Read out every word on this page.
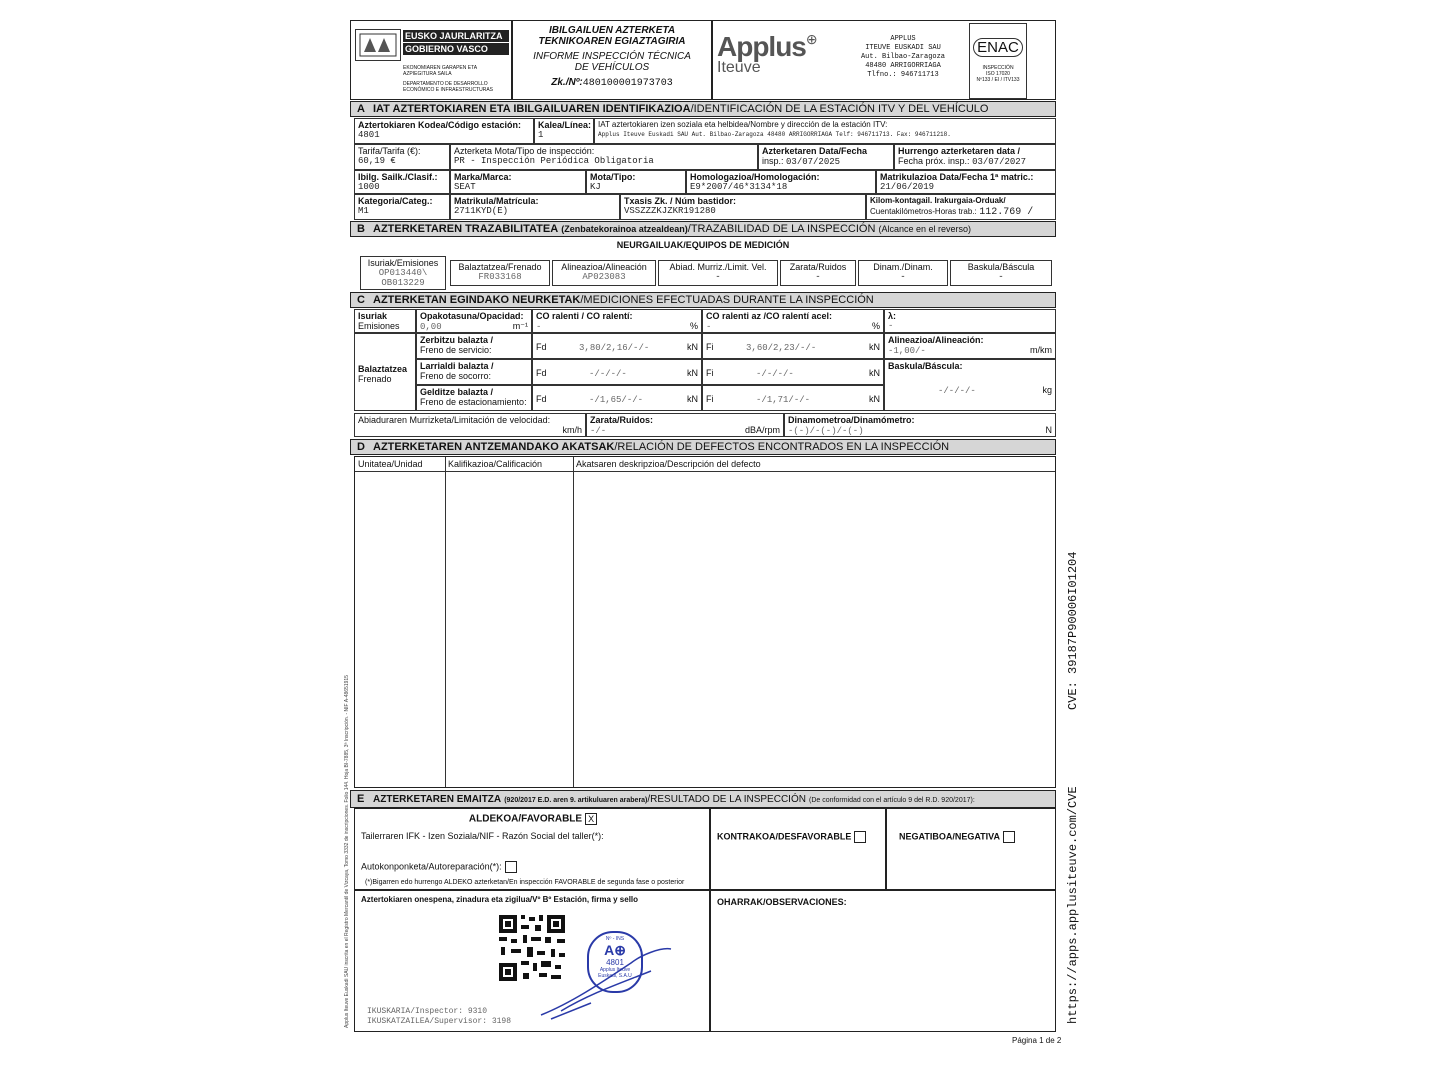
EUSKO JAURLARITZA
GOBIERNO VASCO
EKONOMIAREN GARAPEN ETA AZPIEGITURA SAILA
DEPARTAMENTO DE DESARROLLO ECONÓMICO E INFRAESTRUCTURAS
IBILGAILUEN AZTERKETA
TEKNIKOAREN EGIAZTAGIRIA
INFORME INSPECCIÓN TÉCNICA
DE VEHÍCULOS
Zk./Nº:480100001973703
Applus⊕
Iteuve
APPLUS
ITEUVE EUSKADI SAU
Aut. Bilbao-Zaragoza
48480 ARRIGORRIAGA
Tlfno.: 946711713
ENAC
INSPECCIÓN
ISO 17020
Nº133 / EI / ITV133
A IAT AZTERTOKIAREN ETA IBILGAILUAREN IDENTIFIKAZIOA/IDENTIFICACIÓN DE LA ESTACIÓN ITV Y DEL VEHÍCULO
Aztertokiaren Kodea/Código estación:
4801
Kalea/Línea:
1
IAT aztertokiaren izen soziala eta helbidea/Nombre y dirección de la estación ITV:
Applus Iteuve Euskadi SAU Aut. Bilbao-Zaragoza 48480 ARRIGORRIAGA Telf: 946711713. Fax: 946711218.
Tarifa/Tarifa (€):
60,19 €
Azterketa Mota/Tipo de inspección:
PR - Inspección Periódica Obligatoria
Azterketaren Data/Fecha
insp.: 03/07/2025
Hurrengo azterketaren data /
Fecha próx. insp.: 03/07/2027
Ibilg. Sailk./Clasif.:
1000
Marka/Marca:
SEAT
Mota/Tipo:
KJ
Homologazioa/Homologación:
E9*2007/46*3134*18
Matrikulazioa Data/Fecha 1ª matric.:
21/06/2019
Kategoria/Categ.:
M1
Matrikula/Matrícula:
2711KYD(E)
Txasis Zk. / Núm bastidor:
VSSZZZKJZKR191280
Kilom-kontagail. Irakurgaia-Orduak/
Cuentakilómetros-Horas trab.: 112.769 /
B AZTERKETAREN TRAZABILITATEA (Zenbatekorainoa atzealdean)/TRAZABILIDAD DE LA INSPECCIÓN (Alcance en el reverso)
NEURGAILUAK/EQUIPOS DE MEDICIÓN
Isuriak/Emisiones
OP013440\
OB013229
Balaztatzea/Frenado
FR033168
Alineazioa/Alineación
AP023083
Abiad. Murriz./Limit. Vel.
-
Zarata/Ruidos
-
Dinam./Dinam.
-
Baskula/Báscula
-
C AZTERKETAN EGINDAKO NEURKETAK/MEDICIONES EFECTUADAS DURANTE LA INSPECCIÓN
Isuriak
Emisiones
Opakotasuna/Opacidad:
0,00	m⁻¹
CO ralenti / CO ralentí:
-	%
CO ralenti az /CO ralentí acel:
-	%
λ:
-
Balaztatzea
Frenado
Zerbitzu balazta /
Freno de servicio:	Fd	3,80/2,16/-/-	kN Fi	3,60/2,23/-/-	kN
Alineazioa/Alineación:
-1,00/-	m/km
Larrialdi balazta /
Freno de socorro:	Fd	-/-/-/-	kN Fi	-/-/-/-	kN
Baskula/Báscula:
-/-/-/-	kg
Gelditze balazta /
Freno de estacionamiento:	Fd	-/1,65/-/-	kN Fi	-/1,71/-/-	kN
Abiaduraren Murrizketa/Limitación de velocidad:
km/h
Zarata/Ruidos:
-/-	dBA/rpm
Dinamometroa/Dinamómetro:
-(-)/-(-)/-(-)	N
D AZTERKETAREN ANTZEMANDAKO AKATSAK/RELACIÓN DE DEFECTOS ENCONTRADOS EN LA INSPECCIÓN
Unitatea/Unidad	Kalifikazioa/Calificación	Akatsaren deskripzioa/Descripción del defecto
E AZTERKETAREN EMAITZA (920/2017 E.D. aren 9. artikuluaren arabera)/RESULTADO DE LA INSPECCIÓN (De conformidad con el artículo 9 del R.D. 920/2017):
ALDEKOA/FAVORABLE X
Tailerraren IFK - Izen Soziala/NIF - Razón Social del taller(*):
Autokonponketa/Autoreparación(*):
(*)Bigarren edo hurrengo ALDEKO azterketan/En inspección FAVORABLE de segunda fase o posterior
KONTRAKOA/DESFAVORABLE	NEGATIBOA/NEGATIVA
Aztertokiaren onespena, zinadura eta zigilua/Vº Bº Estación, firma y sello
Nº - INS
A⊕
4801
Applus Iteuve
Euskadi, S.A.U
IKUSKARIA/Inspector: 9310
IKUSKATZAILEA/Supervisor: 3198
OHARRAK/OBSERVACIONES:
Página 1 de 2
CVE: 39187P90006I01204
https://apps.applusiteuve.com/CVE
Applus Iteuve Euskadi SAU inscrita en el Registro Mercantil de Vizcaya, Tomo 3332 de inscripciones. Folio 144. Hoja BI-7885, 3ª Inscripción. - NIF A-48651915
